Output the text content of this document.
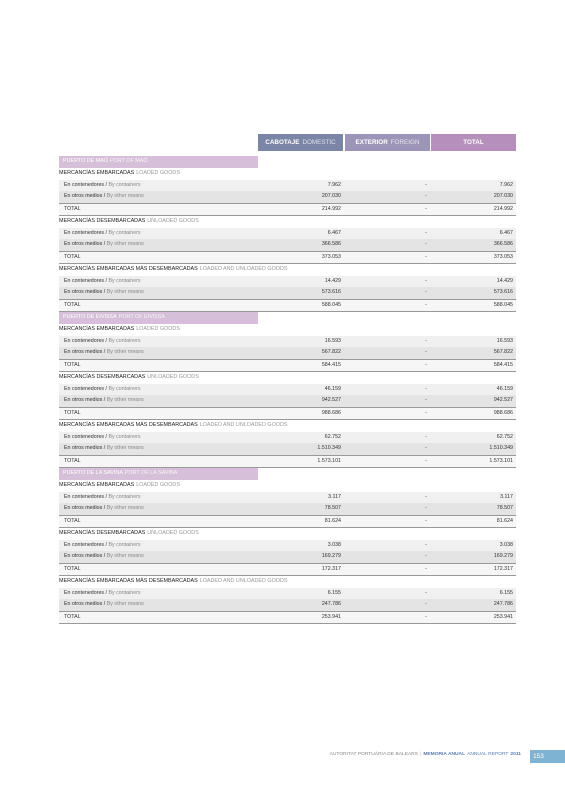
CABOTAJE DOMESTIC	EXTERIOR FOREIGN	TOTAL
PUERTO DE MAÓ PORT OF MAÓ
MERCANCÍAS EMBARCADAS LOADED GOODS
En contenedores / By containers	7.962	-	7.962
En otros medios / By other means	207.030	-	207.030
TOTAL	214.992	-	214.992
MERCANCÍAS DESEMBARCADAS UNLOADED GOODS
En contenedores / By containers	6.467	-	6.467
En otros medios / By other means	366.586	-	366.586
TOTAL	373.053	-	373.053
MERCANCÍAS EMBARCADAS MÁS DESEMBARCADAS LOADED AND UNLOADED GOODS
En contenedores / By containers	14.429	-	14.429
En otros medios / By other means	573.616	-	573.616
TOTAL	588.045	-	588.045
PUERTO DE EIVISSA PORT OF EIVISSA
MERCANCÍAS EMBARCADAS LOADED GOODS
En contenedores / By containers	16.593	-	16.593
En otros medios / By other means	567.822	-	567.822
TOTAL	584.415	-	584.415
MERCANCÍAS DESEMBARCADAS UNLOADED GOODS
En contenedores / By containers	46.159	-	46.159
En otros medios / By other means	942.527	-	942.527
TOTAL	988.686	-	988.686
MERCANCÍAS EMBARCADAS MÁS DESEMBARCADAS LOADED AND UNLOADED GOODS
En contenedores / By containers	62.752	-	62.752
En otros medios / By other means	1.510.349	-	1.510.349
TOTAL	1.573.101	-	1.573.101
PUERTO DE LA SAVINA PORT OF LA SAVINA
MERCANCÍAS EMBARCADAS LOADED GOODS
En contenedores / By containers	3.117	-	3.117
En otros medios / By other means	78.507	-	78.507
TOTAL	81.624	-	81.624
MERCANCÍAS DESEMBARCADAS UNLOADED GOODS
En contenedores / By containers	3.038	-	3.038
En otros medios / By other means	169.279	-	169.279
TOTAL	172.317	-	172.317
MERCANCÍAS EMBARCADAS MÁS DESEMBARCADAS LOADED AND UNLOADED GOODS
En contenedores / By containers	6.155	-	6.155
En otros medios / By other means	247.786	-	247.786
TOTAL	253.941	-	253.941
AUTORITAT PORTUÀRIA DE BALEARS | MEMORIA ANUAL ANNUAL REPORT 2011	153
